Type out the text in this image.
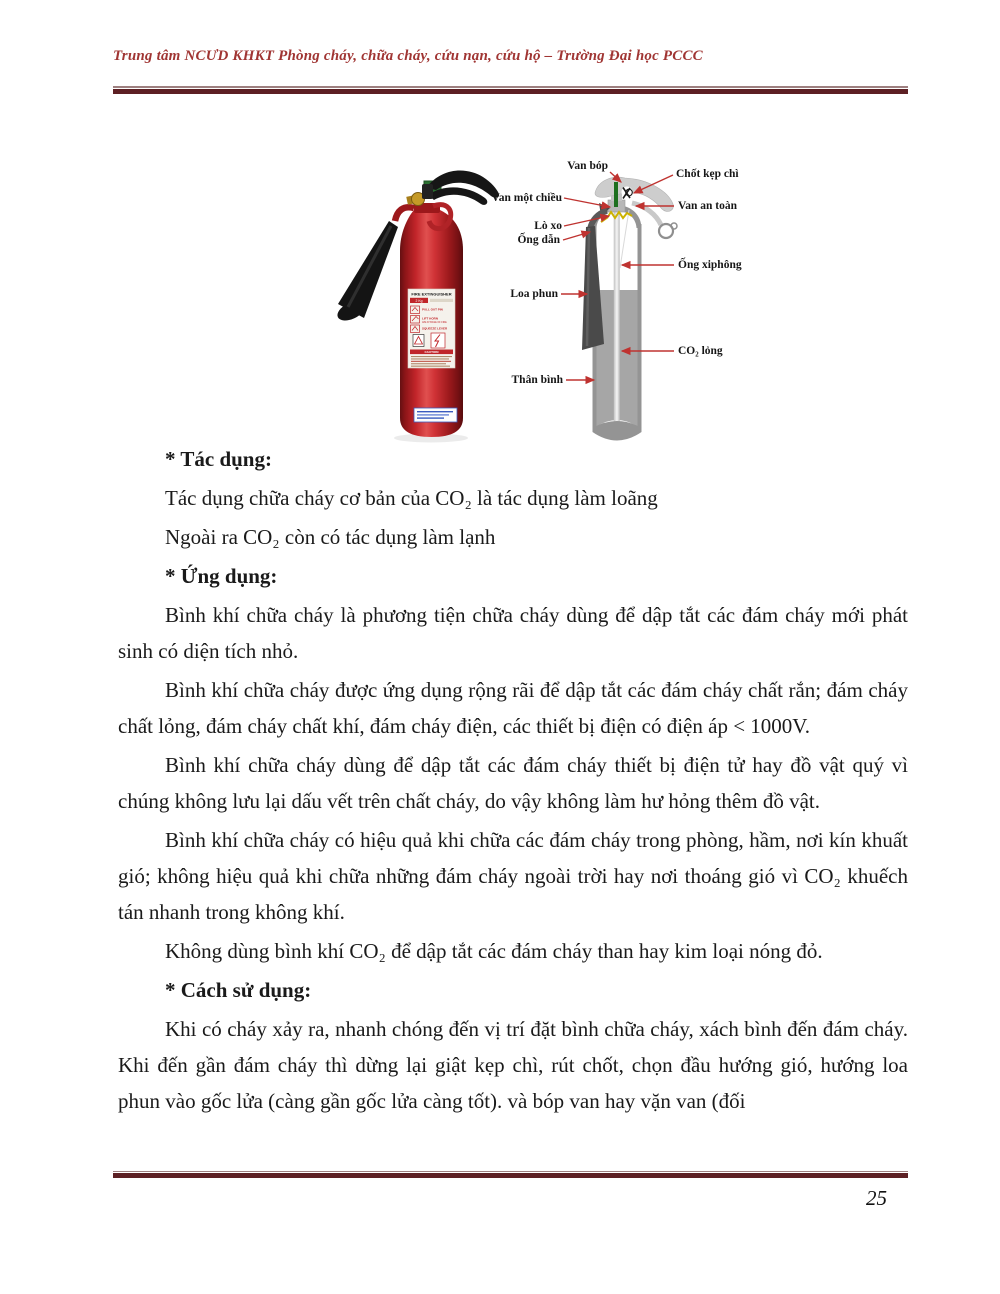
Trung tâm NCƯD KHKT Phòng cháy, chữa cháy, cứu nạn, cứu hộ – Trường Đại học PCCC
FIRE EXTINGUISHER
2 Kg
PULL OUT PIN
LIFT HORN
AIM AT BASE OF FIRE
SQUEEZE LEVER
CAUTION
Van bóp
Chốt kẹp chì
Van một chiều
Van an toàn
Lò xo
Ống dẫn
Ống xiphông
Loa phun
CO₂ lỏng
Thân bình

* Tác dụng:

Tác dụng chữa cháy cơ bản của CO₂ là tác dụng làm loãng

Ngoài ra CO₂ còn có tác dụng làm lạnh

* Ứng dụng:

Bình khí chữa cháy là phương tiện chữa cháy dùng để dập tắt các đám cháy mới phát sinh có diện tích nhỏ.

Bình khí chữa cháy được ứng dụng rộng rãi để dập tắt các đám cháy chất rắn; đám cháy chất lỏng, đám cháy chất khí, đám cháy điện, các thiết bị điện có điện áp < 1000V.

Bình khí chữa cháy dùng để dập tắt các đám cháy thiết bị điện tử hay đồ vật quý vì chúng không lưu lại dấu vết trên chất cháy, do vậy không làm hư hỏng thêm đồ vật.

Bình khí chữa cháy có hiệu quả khi chữa các đám cháy trong phòng, hầm, nơi kín khuất gió; không hiệu quả khi chữa những đám cháy ngoài trời hay nơi thoáng gió vì CO₂ khuếch tán nhanh trong không khí.

Không dùng bình khí CO₂ để dập tắt các đám cháy than hay kim loại nóng đỏ.

* Cách sử dụng:

Khi có cháy xảy ra, nhanh chóng đến vị trí đặt bình chữa cháy, xách bình đến đám cháy. Khi đến gần đám cháy thì dừng lại giật kẹp chì, rút chốt, chọn đầu hướng gió, hướng loa phun vào gốc lửa (càng gần gốc lửa càng tốt). và bóp van hay vặn van (đối

25
